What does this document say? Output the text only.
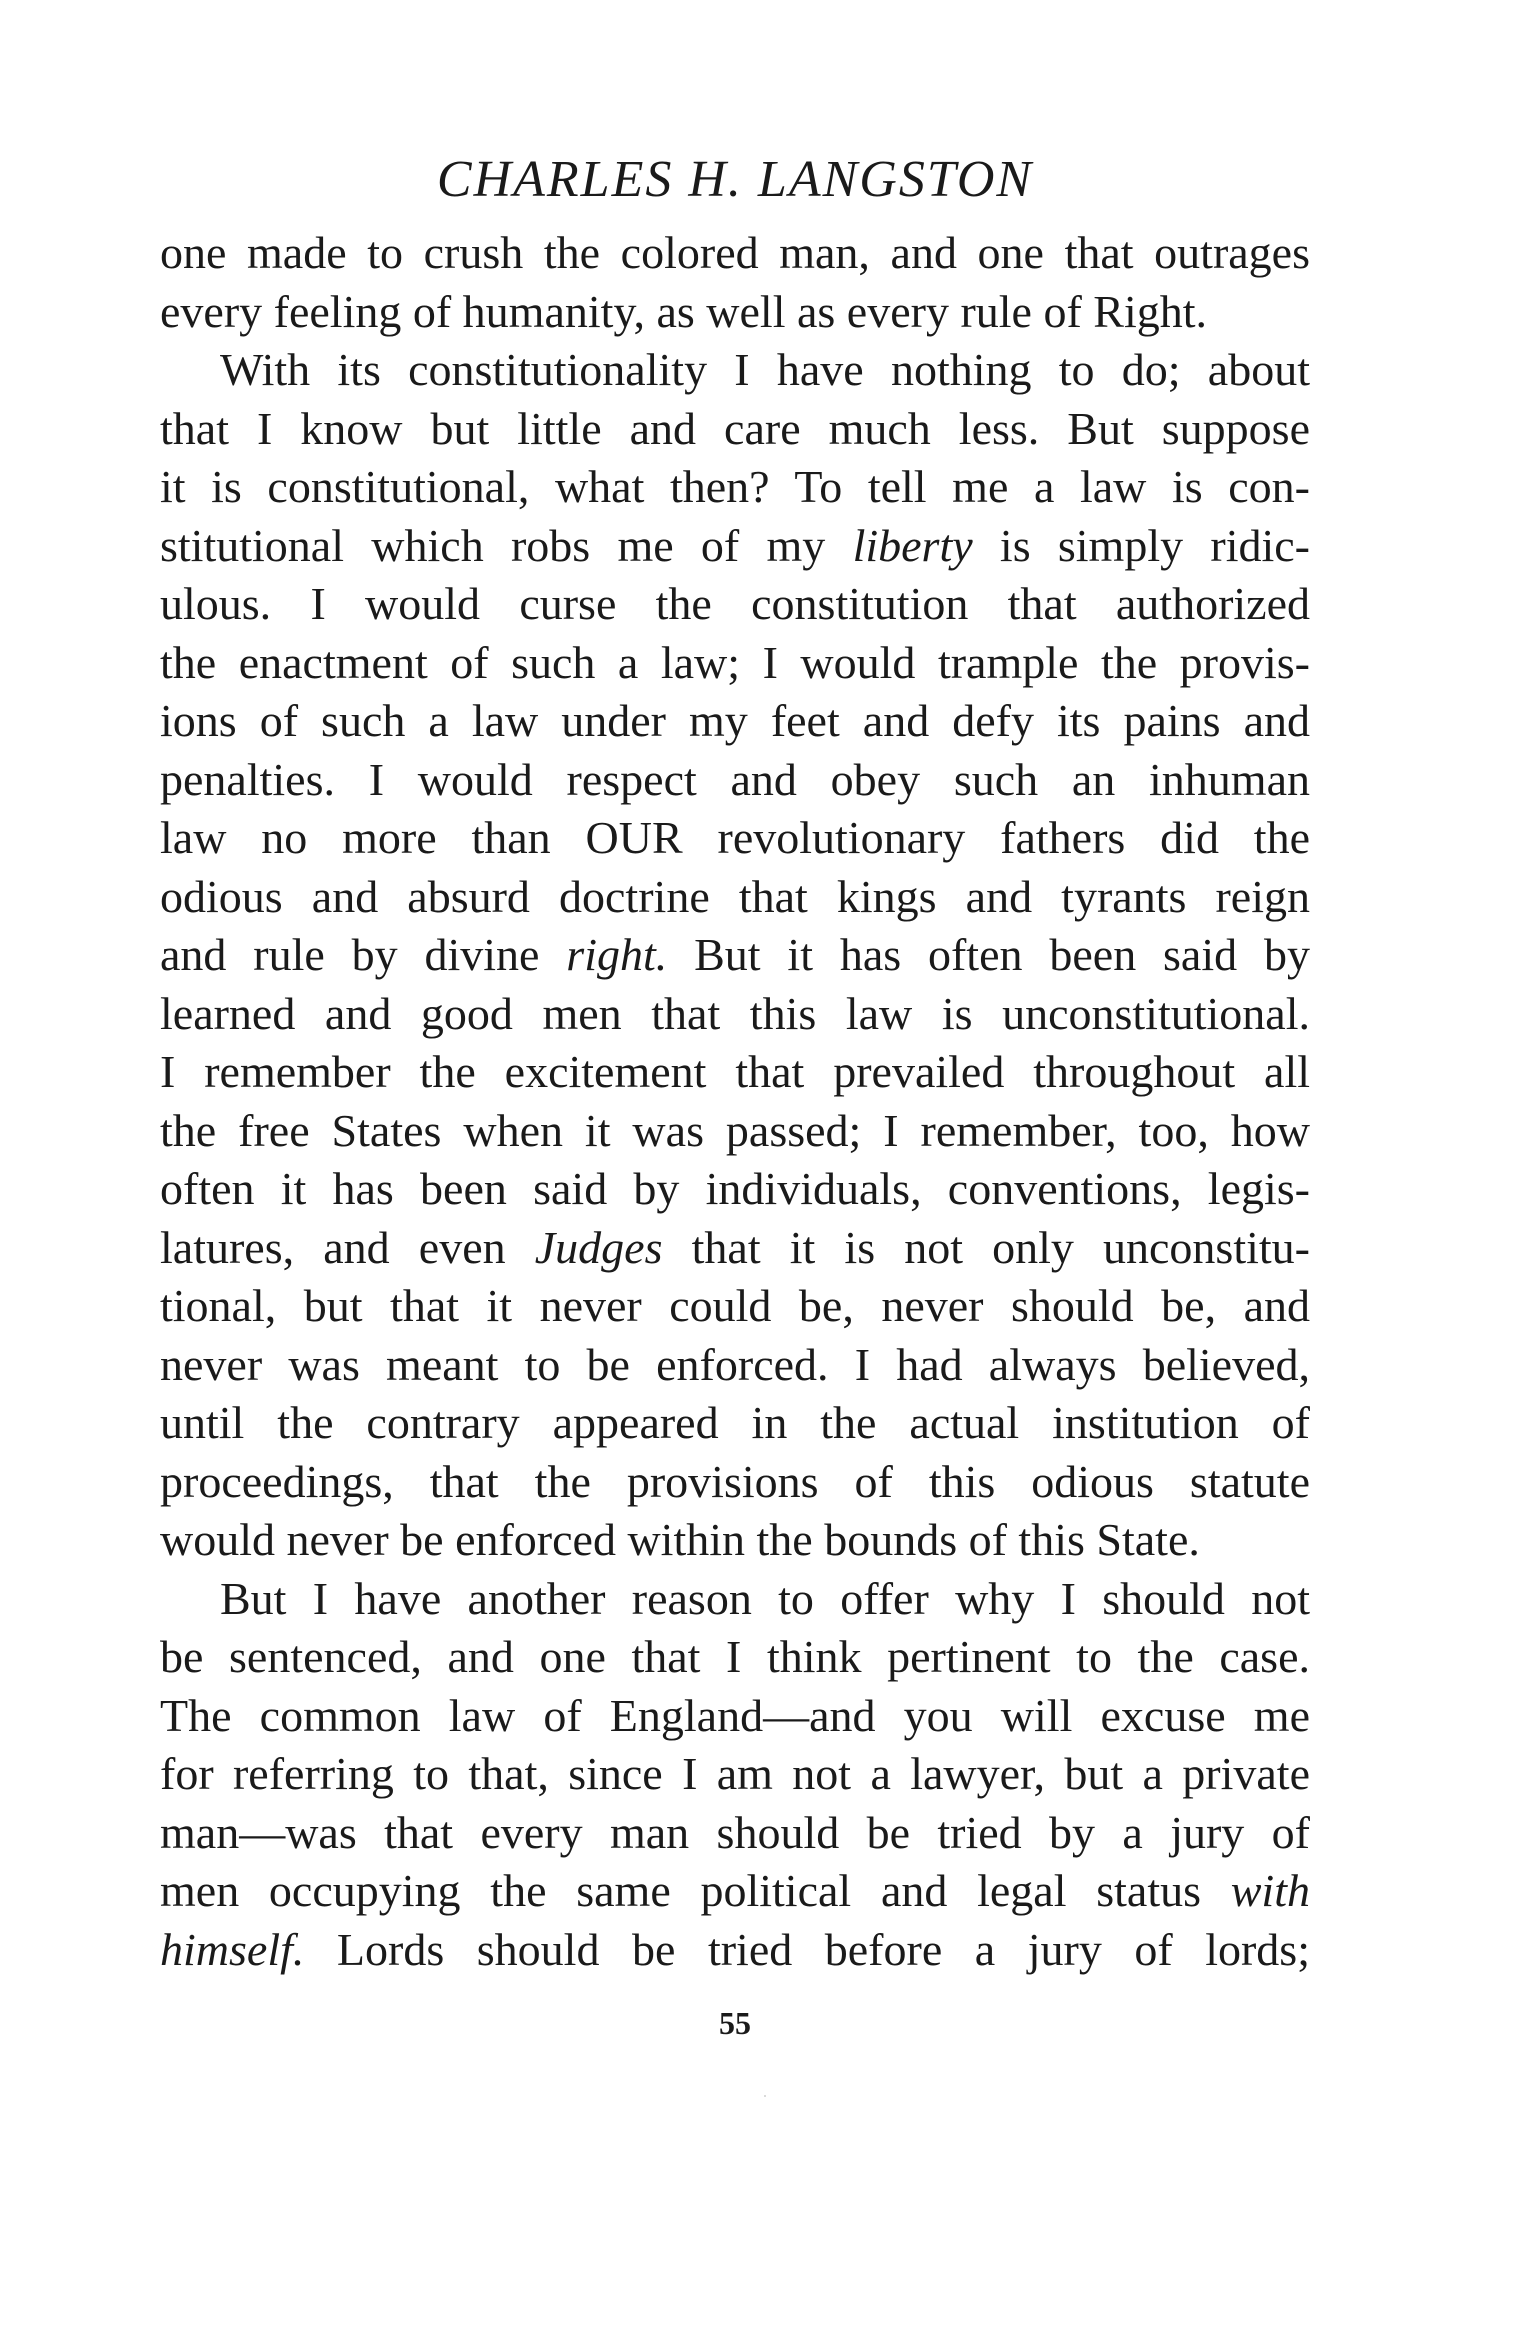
CHARLES H. LANGSTON
one made to crush the colored man, and one that outrages
every feeling of humanity, as well as every rule of Right.
With its constitutionality I have nothing to do; about
that I know but little and care much less. But suppose
it is constitutional, what then? To tell me a law is con-
stitutional which robs me of my liberty is simply ridic-
ulous. I would curse the constitution that authorized
the enactment of such a law; I would trample the provis-
ions of such a law under my feet and defy its pains and
penalties. I would respect and obey such an inhuman
law no more than OUR revolutionary fathers did the
odious and absurd doctrine that kings and tyrants reign
and rule by divine right. But it has often been said by
learned and good men that this law is unconstitutional.
I remember the excitement that prevailed throughout all
the free States when it was passed; I remember, too, how
often it has been said by individuals, conventions, legis-
latures, and even Judges that it is not only unconstitu-
tional, but that it never could be, never should be, and
never was meant to be enforced. I had always believed,
until the contrary appeared in the actual institution of
proceedings, that the provisions of this odious statute
would never be enforced within the bounds of this State.
But I have another reason to offer why I should not
be sentenced, and one that I think pertinent to the case.
The common law of England—and you will excuse me
for referring to that, since I am not a lawyer, but a private
man—was that every man should be tried by a jury of
men occupying the same political and legal status with
himself. Lords should be tried before a jury of lords;
55
